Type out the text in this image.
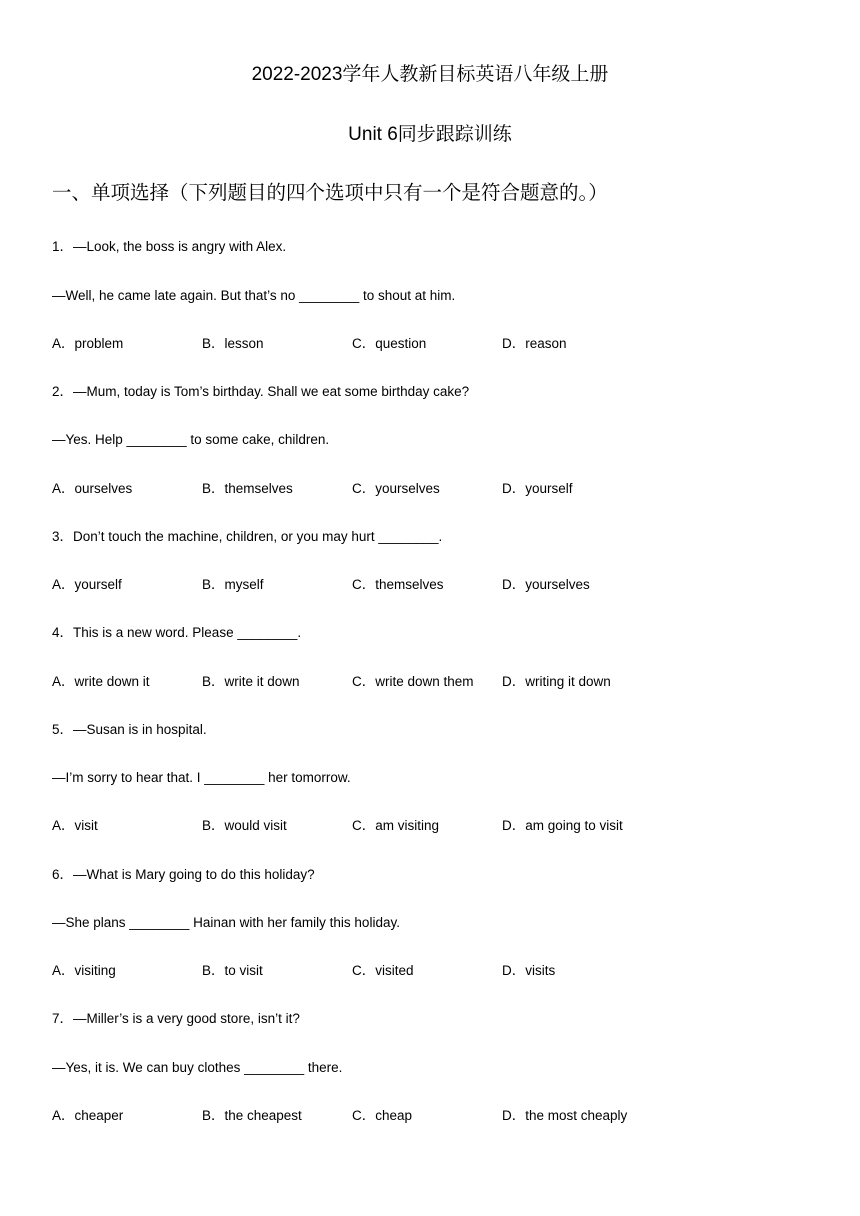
2022-2023学年人教新目标英语八年级上册
Unit 6同步跟踪训练
一、单项选择（下列题目的四个选项中只有一个是符合题意的。）
1．—Look, the boss is angry with Alex.
—Well, he came late again. But that’s no ________ to shout at him.
A．problem	B．lesson	C．question	D．reason
2．—Mum, today is Tom’s birthday. Shall we eat some birthday cake?
—Yes. Help ________ to some cake, children.
A．ourselves	B．themselves	C．yourselves	D．yourself
3．Don’t touch the machine, children, or you may hurt ________.
A．yourself	B．myself	C．themselves	D．yourselves
4．This is a new word. Please ________.
A．write down it	B．write it down	C．write down them D．writing it down
5．—Susan is in hospital.
—I’m sorry to hear that. I ________ her tomorrow.
A．visit	B．would visit	C．am visiting	D．am going to visit
6．—What is Mary going to do this holiday?
—She plans ________ Hainan with her family this holiday.
A．visiting	B．to visit	C．visited	D．visits
7．—Miller’s is a very good store, isn’t it?
—Yes, it is. We can buy clothes ________ there.
A．cheaper	B．the cheapest	C．cheap	D．the most cheaply
